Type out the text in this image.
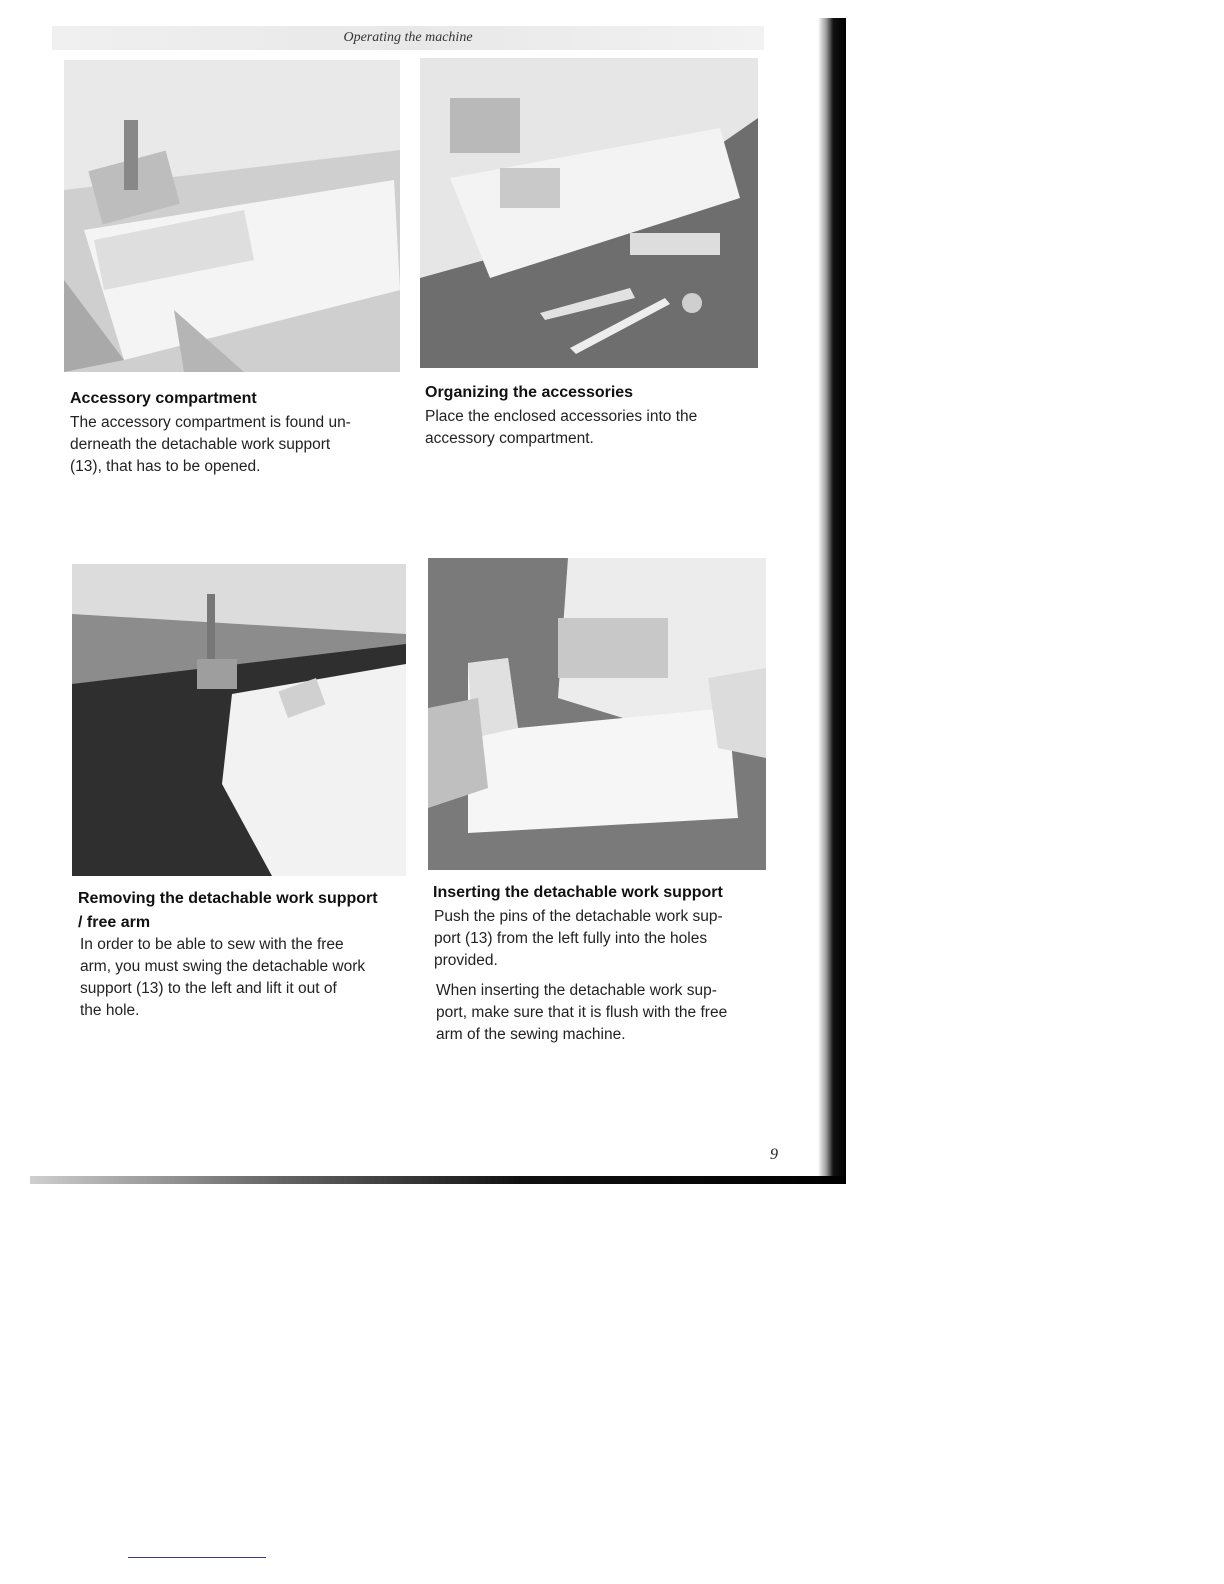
Operating the machine
Accessory compartment

The accessory compartment is found un-

derneath the detachable work support

(13), that has to be opened.

Organizing the accessories

Place the enclosed accessories into the

accessory compartment.

Removing the detachable work support
/ free arm

In order to be able to sew with the free

arm, you must swing the detachable work

support (13) to the left and lift it out of

the hole.

Inserting the detachable work support

Push the pins of the detachable work sup-

port (13) from the left fully into the holes

provided.

When inserting the detachable work sup-

port, make sure that it is flush with the free

arm of the sewing machine.

9
